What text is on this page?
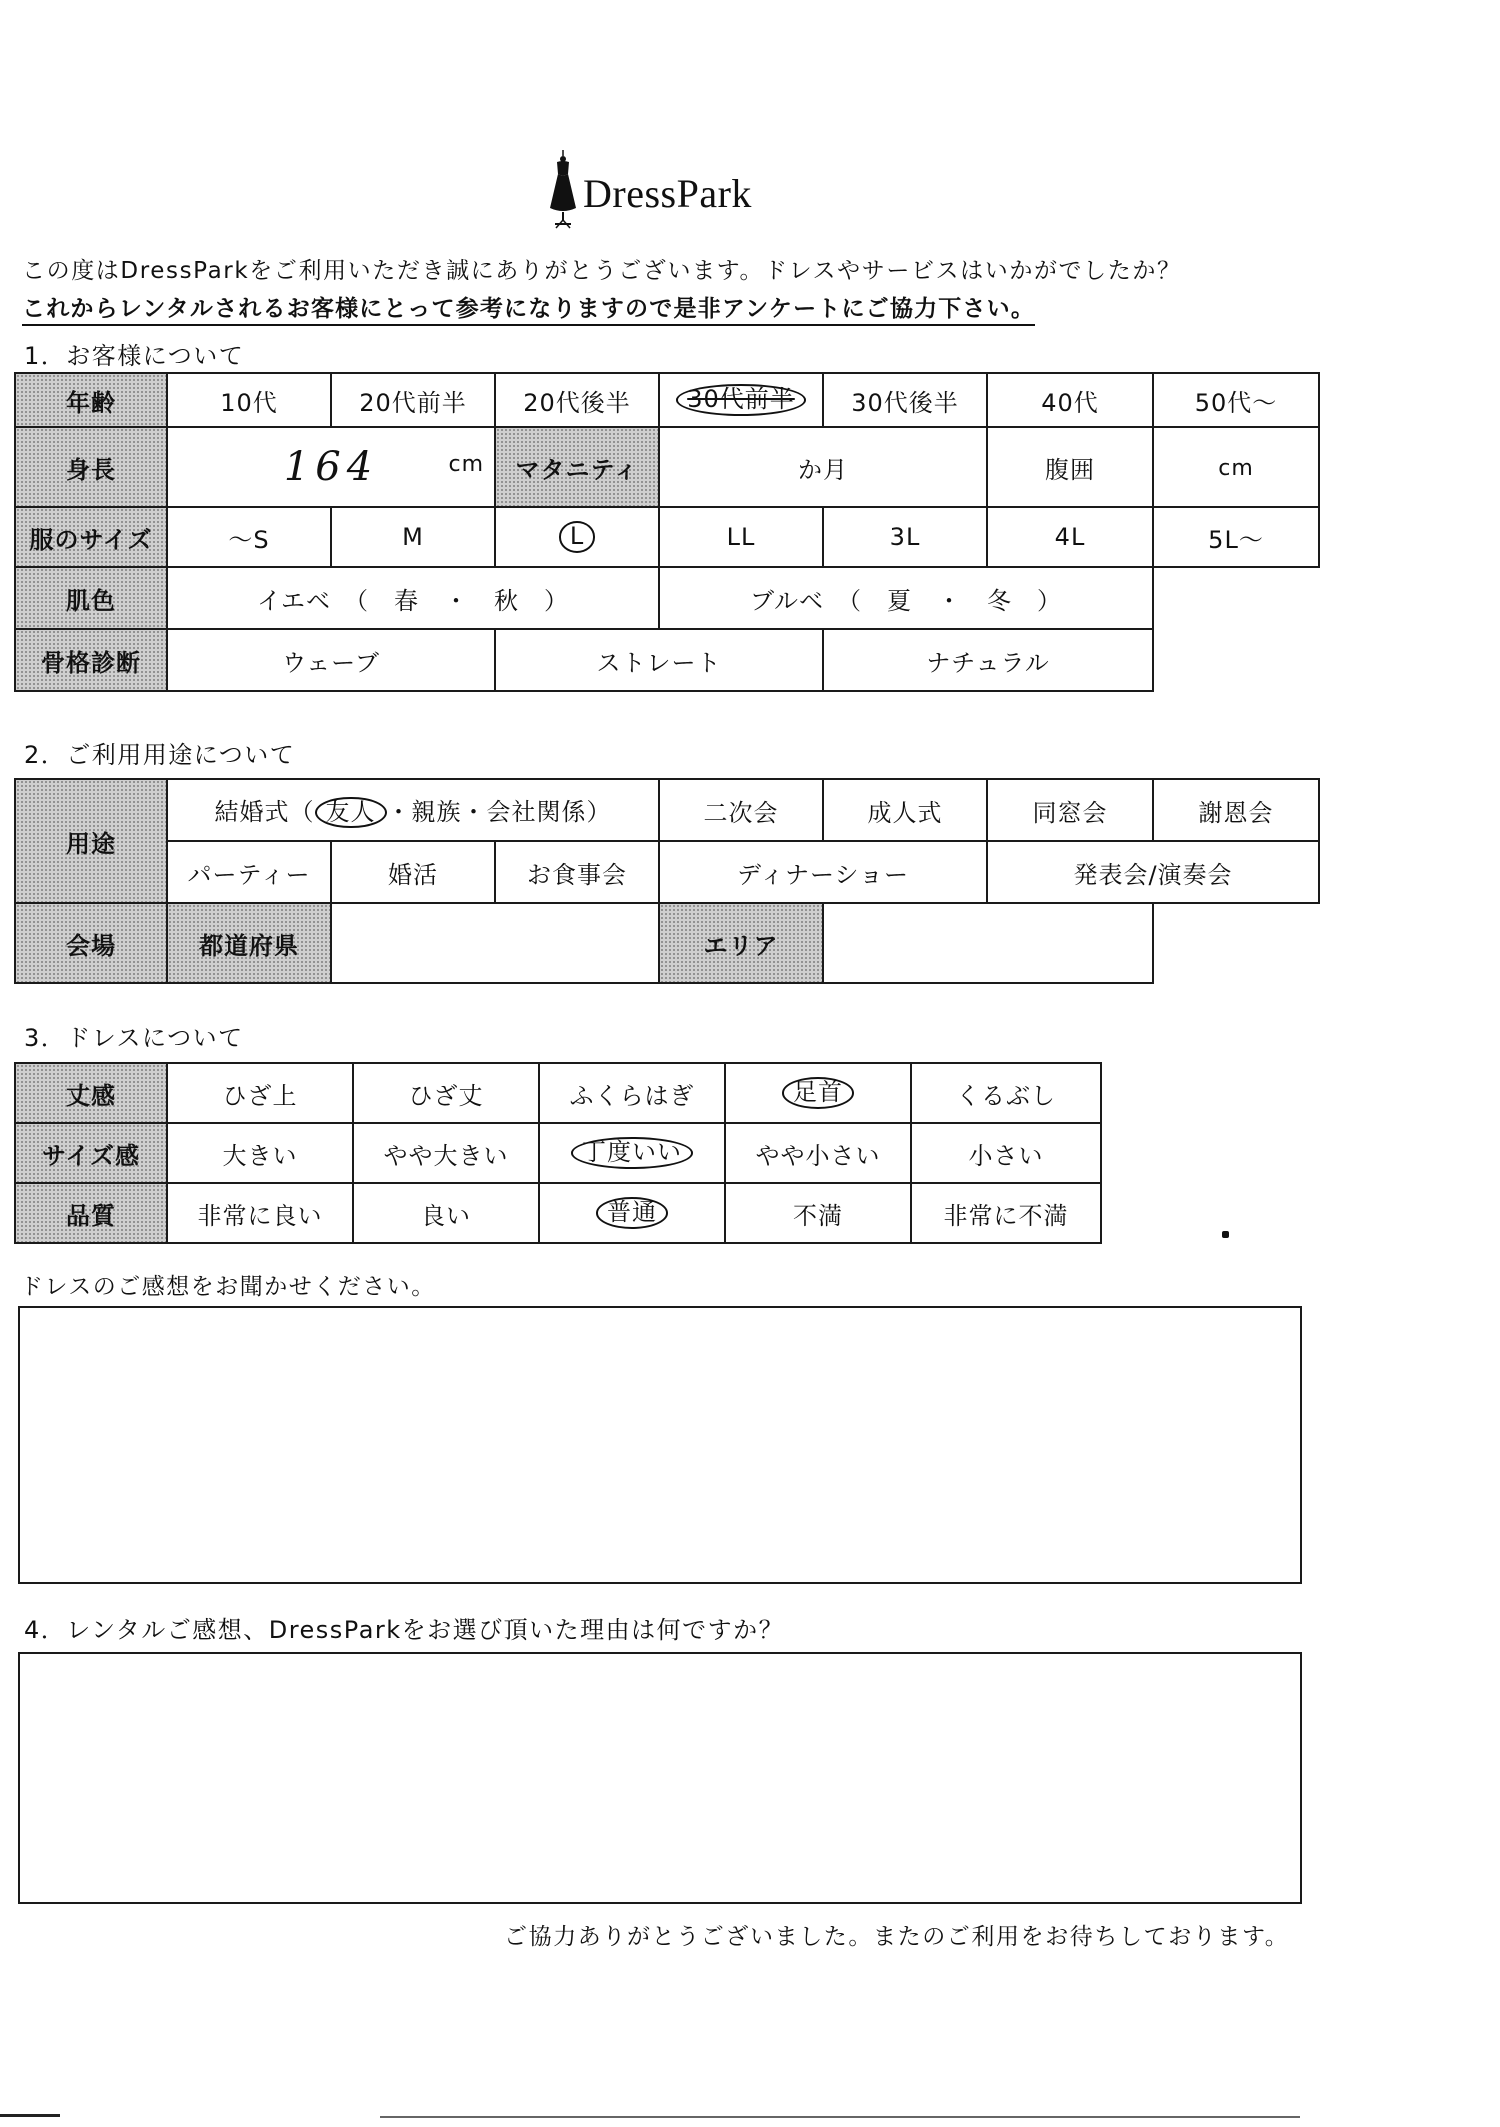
DressPark
この度はDressParkをご利用いただき誠にありがとうございます。ドレスやサービスはいかがでしたか？
これからレンタルされるお客様にとって参考になりますので是非アンケートにご協力下さい。
1．お客様について
年齢	10代	20代前半	20代後半	30代前半	30代後半	40代	50代～
身長	164 cm		マタニティ	か月		腹囲	cm
服のサイズ	～S	M	L	LL	3L	4L	5L～
肌色	イエベ　（　春　・　秋　）			ブルベ　（　夏　・　冬　）			
骨格診断	ウェーブ		ストレート		ナチュラル		
2．ご利用用途について
用途	結婚式（ 友人 ・親族・会社関係）			二次会	成人式	同窓会	謝恩会
	パーティー	婚活	お食事会	ディナーショー		発表会/演奏会	
会場	都道府県			エリア			
3．ドレスについて
丈感	ひざ上	ひざ丈	ふくらはぎ	足首	くるぶし
サイズ感	大きい	やや大きい	丁度いい	やや小さい	小さい
品質	非常に良い	良い	普通	不満	非常に不満
ドレスのご感想をお聞かせください。
4．レンタルご感想、DressParkをお選び頂いた理由は何ですか？
ご協力ありがとうございました。またのご利用をお待ちしております。
